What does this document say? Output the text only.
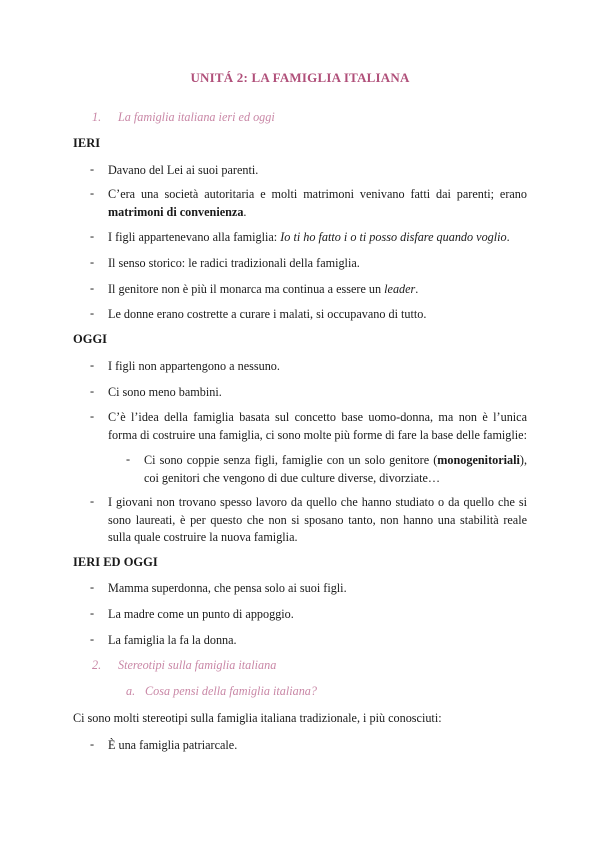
UNITÁ 2: LA FAMIGLIA ITALIANA
1. La famiglia italiana ieri ed oggi
IERI
- Davano del Lei ai suoi parenti.
- C’era una società autoritaria e molti matrimoni venivano fatti dai parenti; erano matrimoni di convenienza.
- I figli appartenevano alla famiglia: Io ti ho fatto i o ti posso disfare quando voglio.
- Il senso storico: le radici tradizionali della famiglia.
- Il genitore non è più il monarca ma continua a essere un leader.
- Le donne erano costrette a curare i malati, si occupavano di tutto.
OGGI
- I figli non appartengono a nessuno.
- Ci sono meno bambini.
- C’è l’idea della famiglia basata sul concetto base uomo-donna, ma non è l’unica forma di costruire una famiglia, ci sono molte più forme di fare la base delle famiglie:
- Ci sono coppie senza figli, famiglie con un solo genitore (monogenitoriali), coi genitori che vengono di due culture diverse, divorziate…
- I giovani non trovano spesso lavoro da quello che hanno studiato o da quello che si sono laureati, è per questo che non si sposano tanto, non hanno una stabilità reale sulla quale costruire la nuova famiglia.
IERI ED OGGI
- Mamma superdonna, che pensa solo ai suoi figli.
- La madre come un punto di appoggio.
- La famiglia la fa la donna.
2. Stereotipi sulla famiglia italiana
a. Cosa pensi della famiglia italiana?
Ci sono molti stereotipi sulla famiglia italiana tradizionale, i più conosciuti:
- È una famiglia patriarcale.
